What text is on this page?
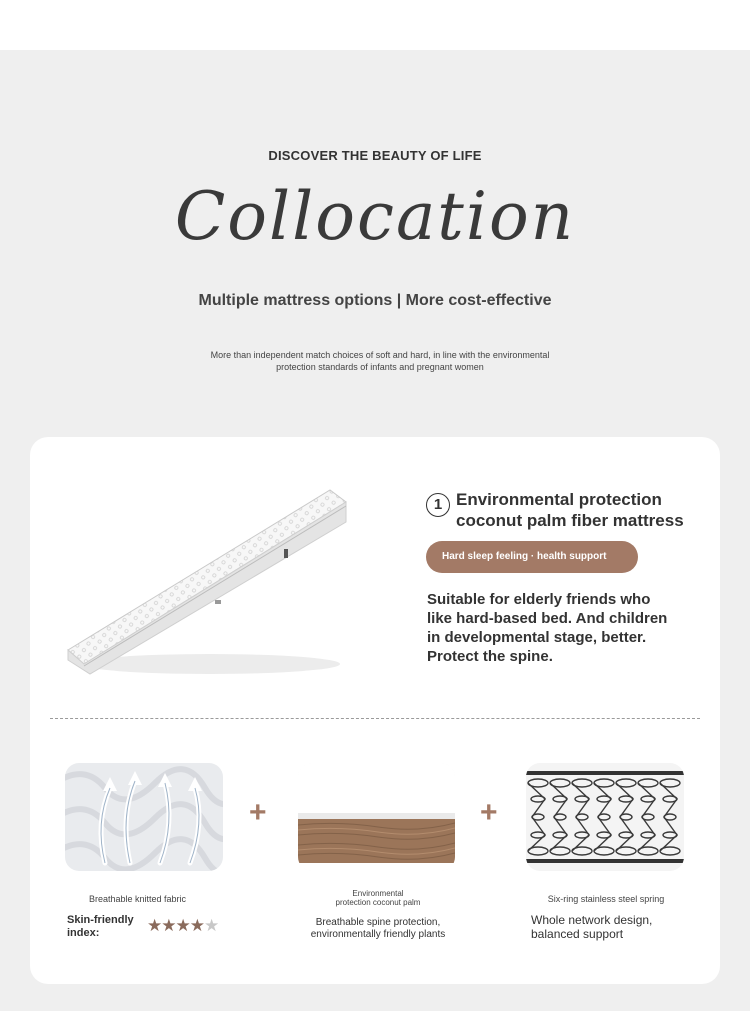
DISCOVER THE BEAUTY OF LIFE
Collocation
Multiple mattress options | More cost-effective
More than independent match choices of soft and hard, in line with the environmental
protection standards of infants and pregnant women
1 Environmental protection
coconut palm fiber mattress
Hard sleep feeling · health support
Suitable for elderly friends who like hard-based bed. And children in developmental stage, better. Protect the spine.
+	+
Breathable knitted fabric
Skin-friendly index:	★★★★★
Environmental
protection coconut palm
Breathable spine protection,
environmentally friendly plants
Six-ring stainless steel spring
Whole network design,
balanced support
